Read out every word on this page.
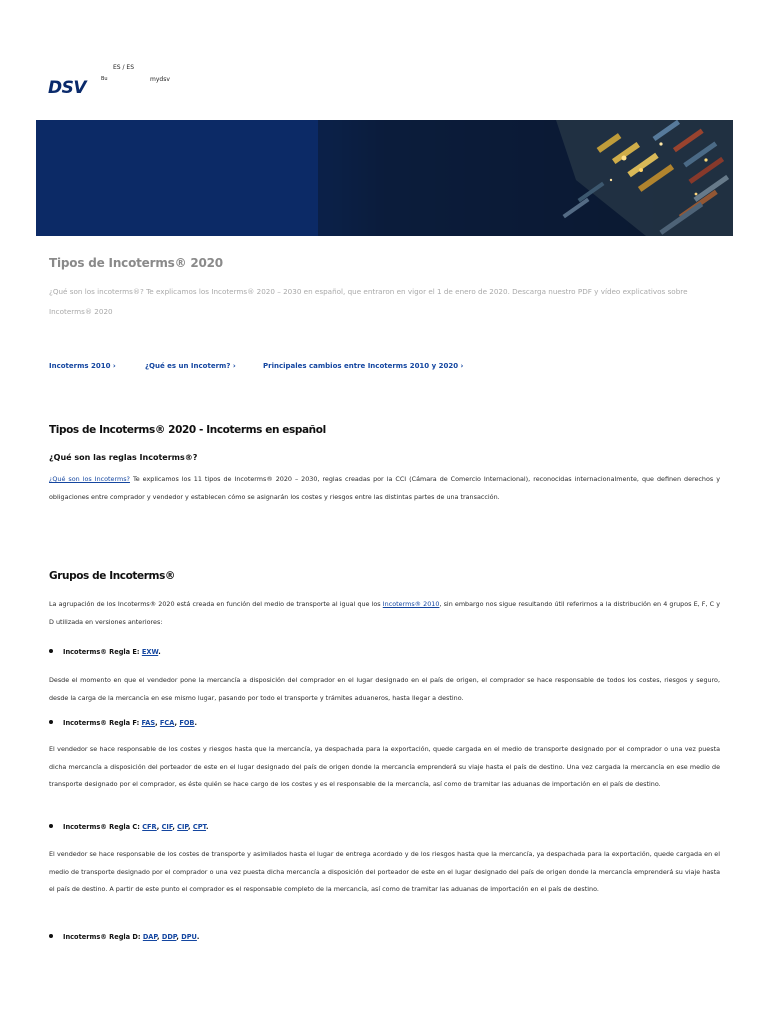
DSV
ES / ES
Bu	mydsv
Tipos de Incoterms® 2020
¿Qué son los incoterms®? Te explicamos los Incoterms® 2020 – 2030 en español, que entraron en vigor el 1 de enero de 2020. Descarga nuestro PDF y vídeo explicativos sobre Incoterms® 2020
Incoterms 2010 ›	¿Qué es un Incoterm? ›	Principales cambios entre Incoterms 2010 y 2020 ›
Tipos de Incoterms® 2020 - Incoterms en español
¿Qué son las reglas Incoterms®?
¿Qué son los Incoterms? Te explicamos los 11 tipos de Incoterms® 2020 – 2030, reglas creadas por la CCI (Cámara de Comercio Internacional), reconocidas internacionalmente, que definen derechos y obligaciones entre comprador y vendedor y establecen cómo se asignarán los costes y riesgos entre las distintas partes de una transacción.
Grupos de Incoterms®
La agrupación de los Incoterms® 2020 está creada en función del medio de transporte al igual que los Incoterms® 2010, sin embargo nos sigue resultando útil referirnos a la distribución en 4 grupos E, F, C y D utilizada en versiones anteriores:
Incoterms® Regla E: EXW.
Desde el momento en que el vendedor pone la mercancía a disposición del comprador en el lugar designado en el país de origen, el comprador se hace responsable de todos los costes, riesgos y seguro, desde la carga de la mercancía en ese mismo lugar, pasando por todo el transporte y trámites aduaneros, hasta llegar a destino.
Incoterms® Regla F: FAS, FCA, FOB.
El vendedor se hace responsable de los costes y riesgos hasta que la mercancía, ya despachada para la exportación, quede cargada en el medio de transporte designado por el comprador o una vez puesta dicha mercancía a disposición del porteador de este en el lugar designado del país de origen donde la mercancía emprenderá su viaje hasta el país de destino. Una vez cargada la mercancía en ese medio de transporte designado por el comprador, es éste quién se hace cargo de los costes y es el responsable de la mercancía, así como de tramitar las aduanas de importación en el país de destino.
Incoterms® Regla C: CFR, CIF, CIP, CPT.
El vendedor se hace responsable de los costes de transporte y asimilados hasta el lugar de entrega acordado y de los riesgos hasta que la mercancía, ya despachada para la exportación, quede cargada en el medio de transporte designado por el comprador o una vez puesta dicha mercancía a disposición del porteador de este en el lugar designado del país de origen donde la mercancía emprenderá su viaje hasta el país de destino. A partir de este punto el comprador es el responsable completo de la mercancía, así como de tramitar las aduanas de importación en el país de destino.
Incoterms® Regla D: DAP, DDP, DPU.
